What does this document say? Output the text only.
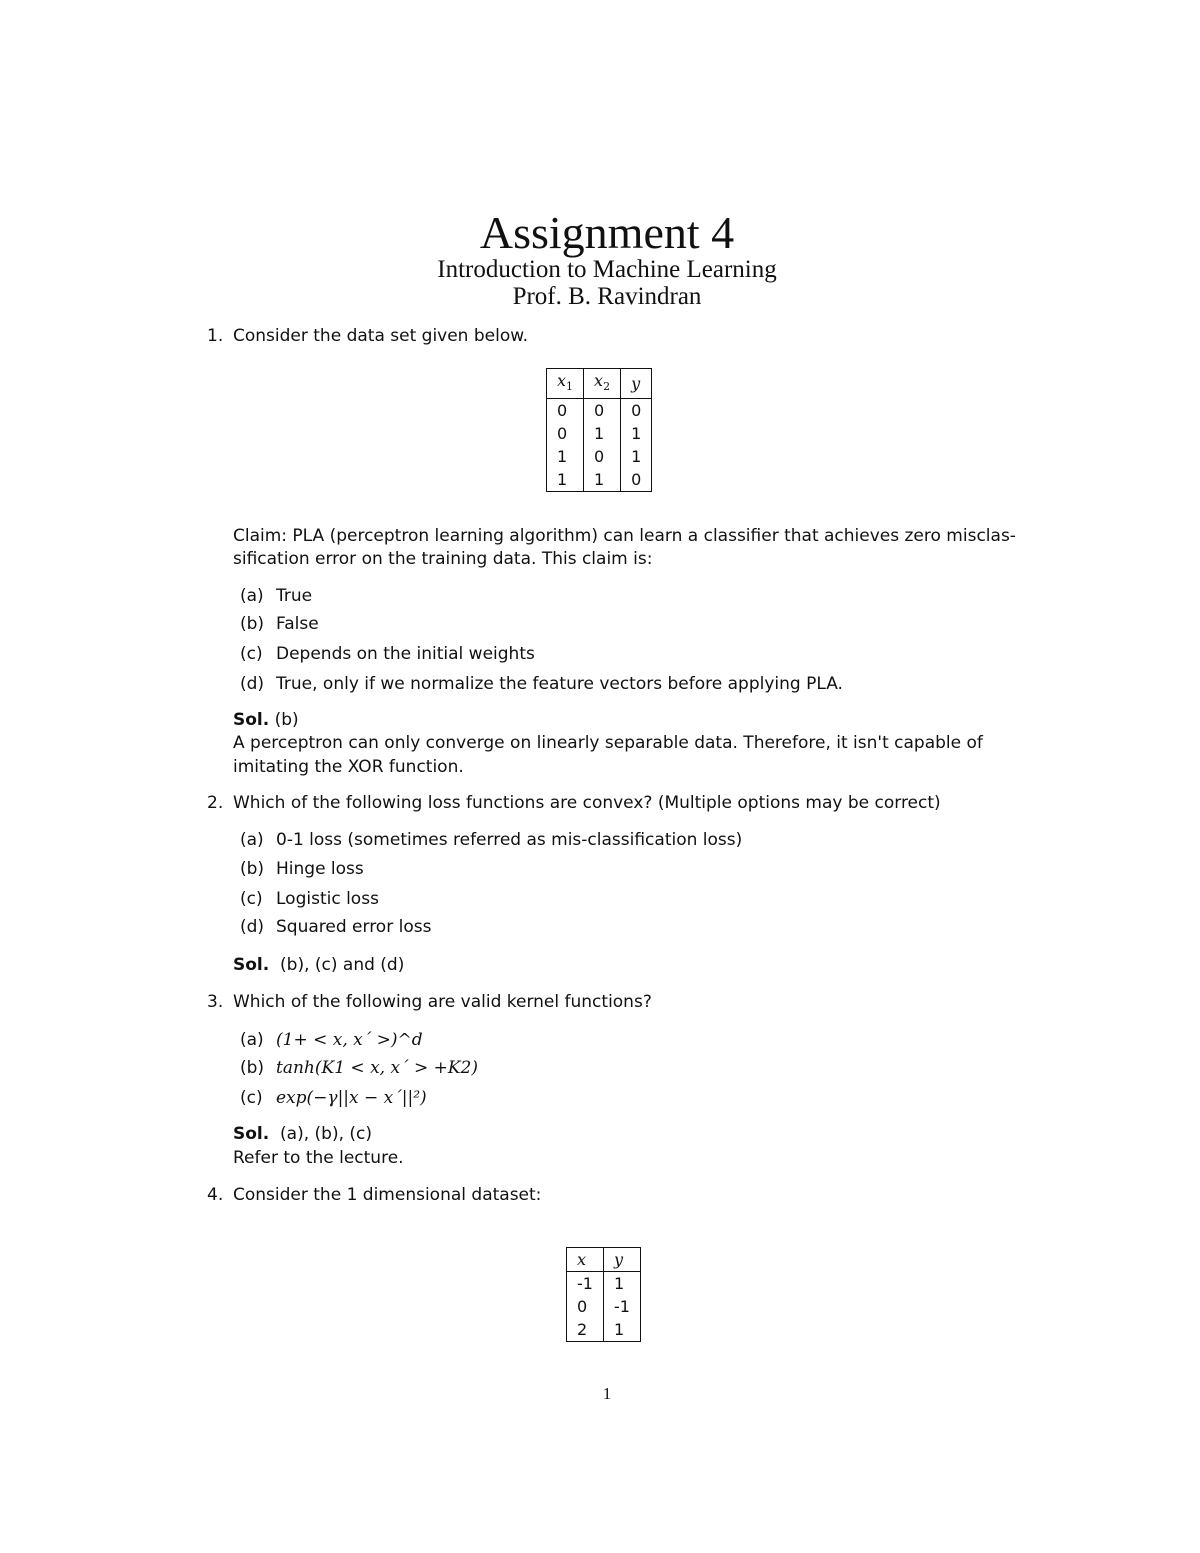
Assignment 4
Introduction to Machine Learning
Prof. B. Ravindran
1. Consider the data set given below.
$x_1$	$x_2$	y
0	0	0
0	1	1
1	0	1
1	1	0
Claim: PLA (perceptron learning algorithm) can learn a classifier that achieves zero misclas-
sification error on the training data. This claim is:
(a) True
(b) False
(c) Depends on the initial weights
(d) True, only if we normalize the feature vectors before applying PLA.
Sol. (b)
A perceptron can only converge on linearly separable data. Therefore, it isn't capable of
imitating the XOR function.
2. Which of the following loss functions are convex? (Multiple options may be correct)
(a) 0-1 loss (sometimes referred as mis-classification loss)
(b) Hinge loss
(c) Logistic loss
(d) Squared error loss
Sol. (b), (c) and (d)
3. Which of the following are valid kernel functions?
(a) (1+ < x, x´ >)^d
(b) tanh(K1 < x, x´ > +K2)
(c) exp(−γ||x − x´||²)
Sol. (a), (b), (c)
Refer to the lecture.
4. Consider the 1 dimensional dataset:
x	y
-1	1
0	-1
2	1
1
